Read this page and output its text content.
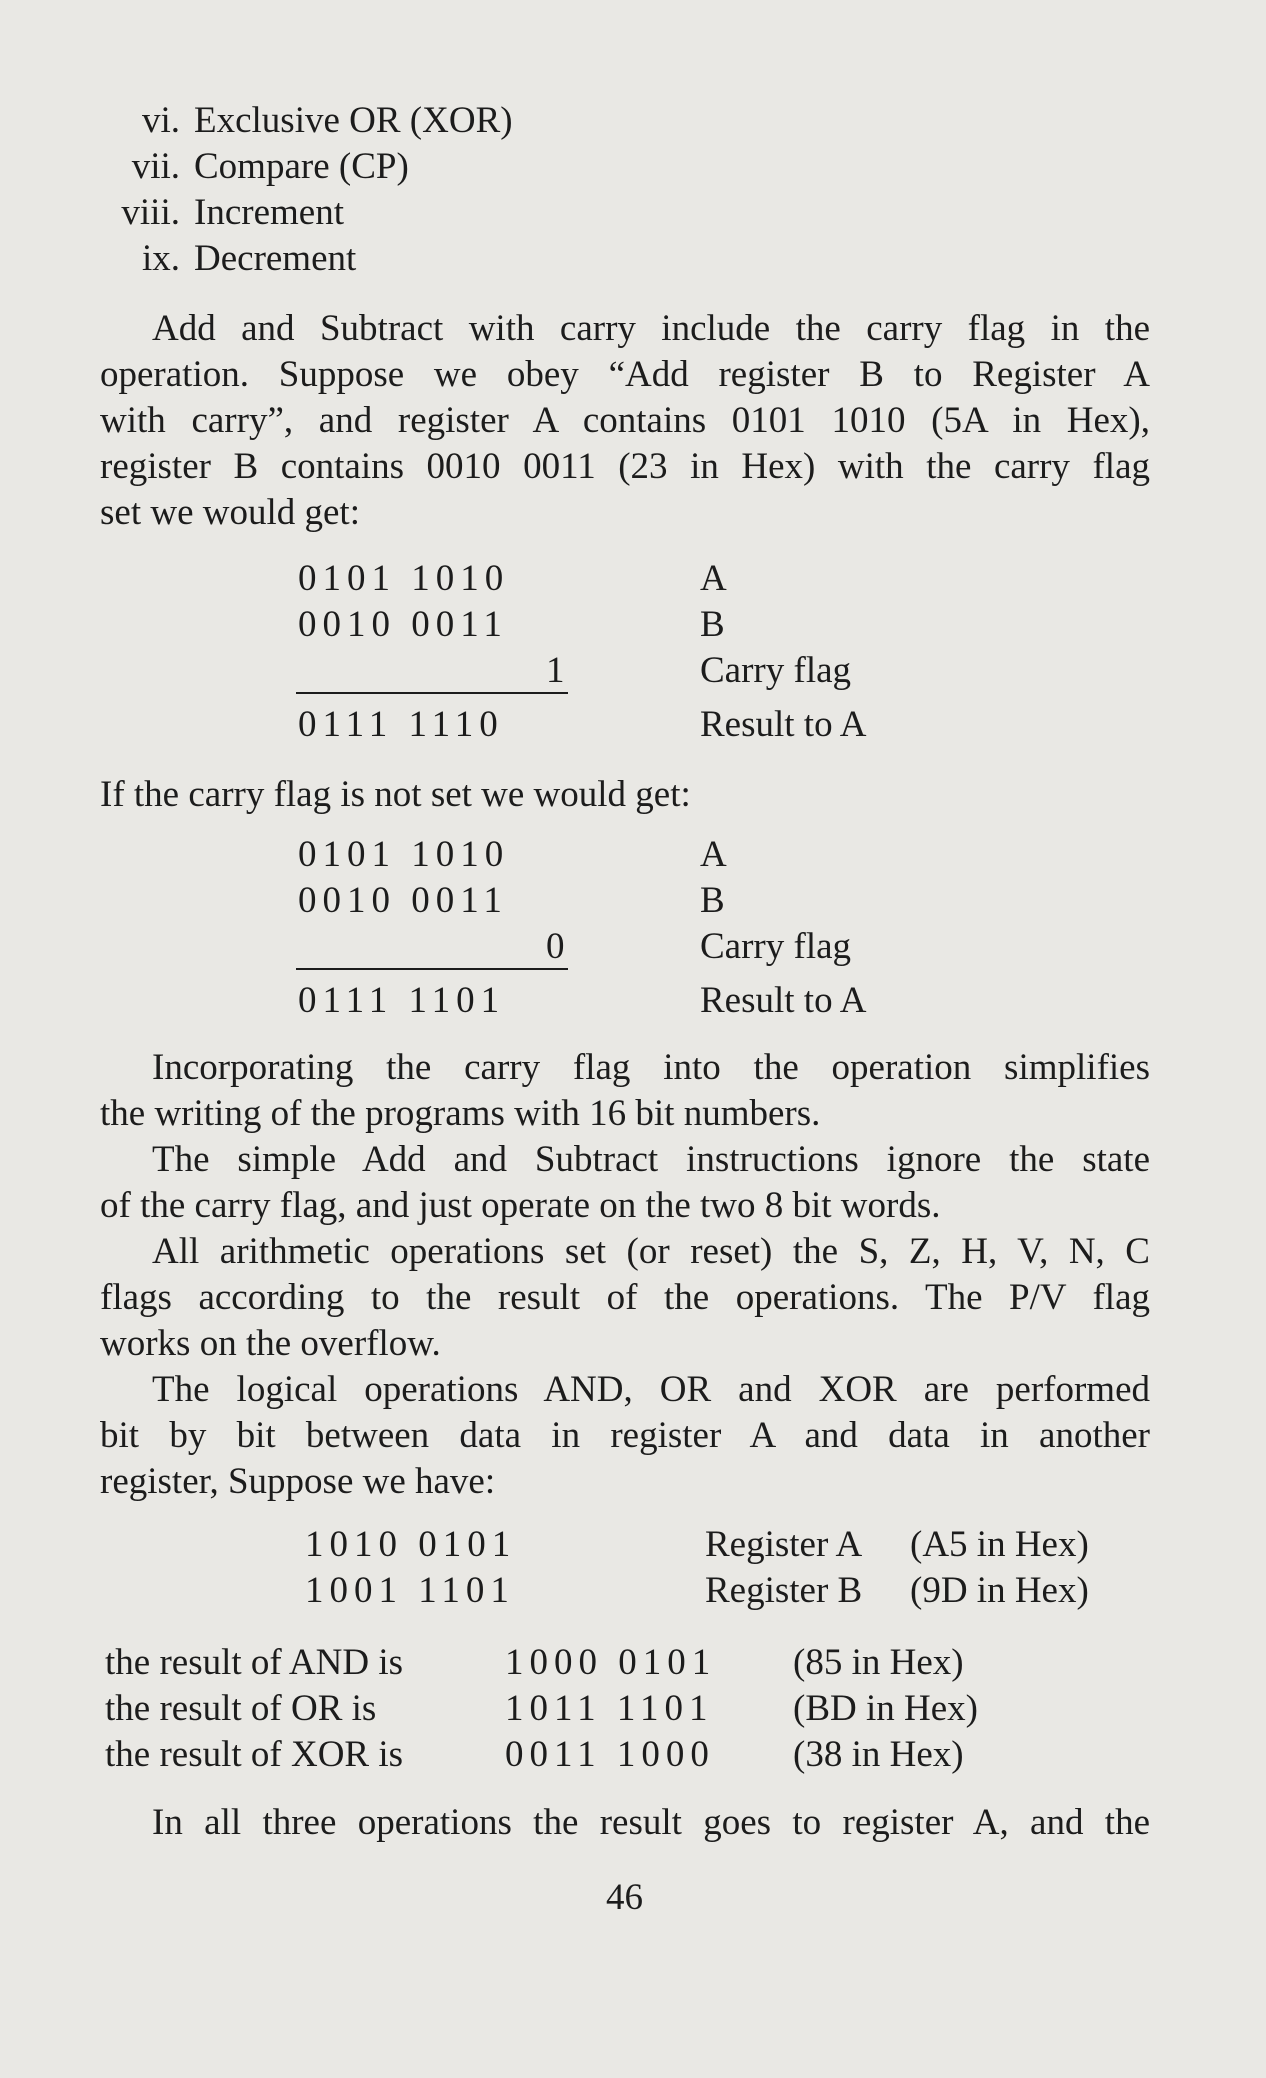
vi. Exclusive OR (XOR)
vii. Compare (CP)
viii. Increment
ix. Decrement
Add and Subtract with carry include the carry flag in the
operation. Suppose we obey “Add register B to Register A
with carry”, and register A contains 0101 1010 (5A in Hex),
register B contains 0010 0011 (23 in Hex) with the carry flag
set we would get:
0101 1010	A
0010 0011	B
1	Carry flag
0111 1110	Result to A
If the carry flag is not set we would get:
0101 1010	A
0010 0011	B
0	Carry flag
0111 1101	Result to A
Incorporating the carry flag into the operation simplifies
the writing of the programs with 16 bit numbers.
The simple Add and Subtract instructions ignore the state
of the carry flag, and just operate on the two 8 bit words.
All arithmetic operations set (or reset) the S, Z, H, V, N, C
flags according to the result of the operations. The P/V flag
works on the overflow.
The logical operations AND, OR and XOR are performed
bit by bit between data in register A and data in another
register, Suppose we have:
1010 0101	Register A (A5 in Hex)
1001 1101	Register B (9D in Hex)
the result of AND is	1000 0101 (85 in Hex)
the result of OR is	1011 1101 (BD in Hex)
the result of XOR is	0011 1000 (38 in Hex)
In all three operations the result goes to register A, and the
46
